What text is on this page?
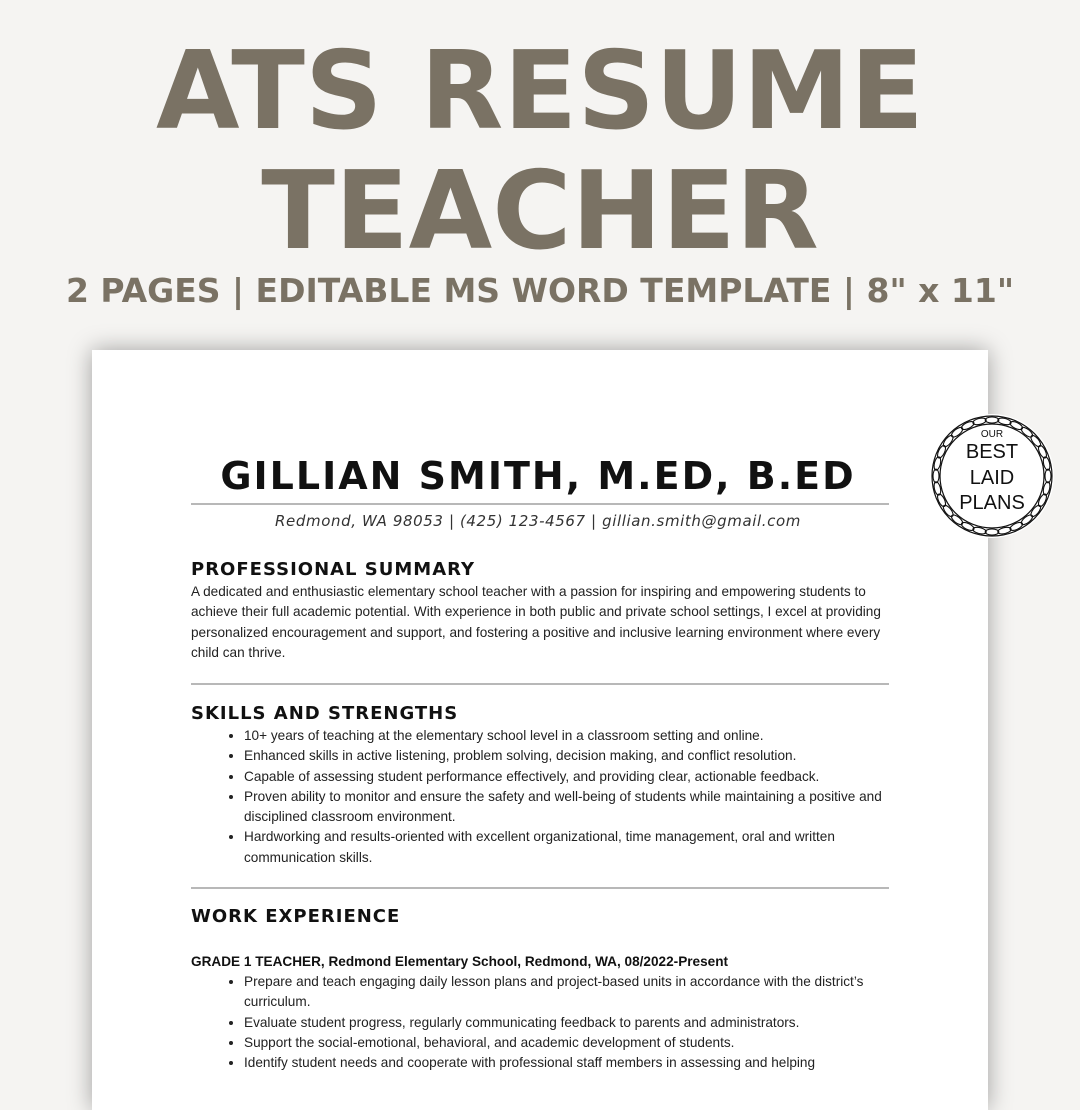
ATS RESUME
TEACHER
2 PAGES | EDITABLE MS WORD TEMPLATE | 8" x 11"
GILLIAN SMITH, M.ED, B.ED
Redmond, WA 98053 | (425) 123-4567 | gillian.smith@gmail.com
PROFESSIONAL SUMMARY

A dedicated and enthusiastic elementary school teacher with a passion for inspiring and empowering students to achieve their full academic potential. With experience in both public and private school settings, I excel at providing personalized encouragement and support, and fostering a positive and inclusive learning environment where every child can thrive.

SKILLS AND STRENGTHS
• 10+ years of teaching at the elementary school level in a classroom setting and online.
• Enhanced skills in active listening, problem solving, decision making, and conflict resolution.
• Capable of assessing student performance effectively, and providing clear, actionable feedback.
• Proven ability to monitor and ensure the safety and well-being of students while maintaining a positive and disciplined classroom environment.
• Hardworking and results-oriented with excellent organizational, time management, oral and written communication skills.
WORK EXPERIENCE
GRADE 1 TEACHER, Redmond Elementary School, Redmond, WA, 08/2022-Present
• Prepare and teach engaging daily lesson plans and project-based units in accordance with the district’s curriculum.
• Evaluate student progress, regularly communicating feedback to parents and administrators.
• Support the social-emotional, behavioral, and academic development of students.
• Identify student needs and cooperate with professional staff members in assessing and helping
OUR
BEST
LAID
PLANS
